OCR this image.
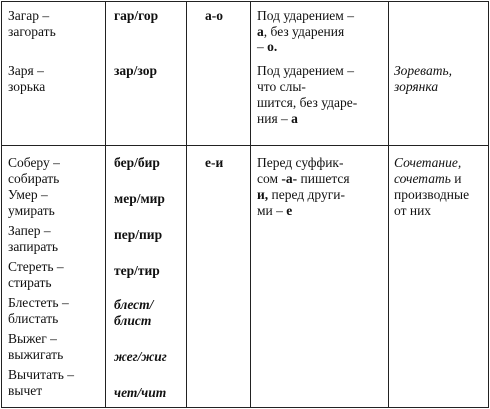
Загар –
загорать
Заря –
зорька
гар/гор
зар/зор
а-о	Под ударением –
а, без ударения
– о.
Под ударением –
что слы-
шится, без ударе-
ния – а
Зоревать,
зорянка
Соберу –
собирать
Умер –
умирать
Запер –
запирать
Стереть –
стирать
Блестеть –
блистать
Выжег –
выжигать
Вычитать –
вычет
бер/бир
мер/мир
пер/пир
тер/тир
блест/
блист
жег/жиг
чет/чит
е-и Перед суффик-
сом -а- пишется
и, перед други-
ми – е
Сочетание,
сочетать и
производные
от них
